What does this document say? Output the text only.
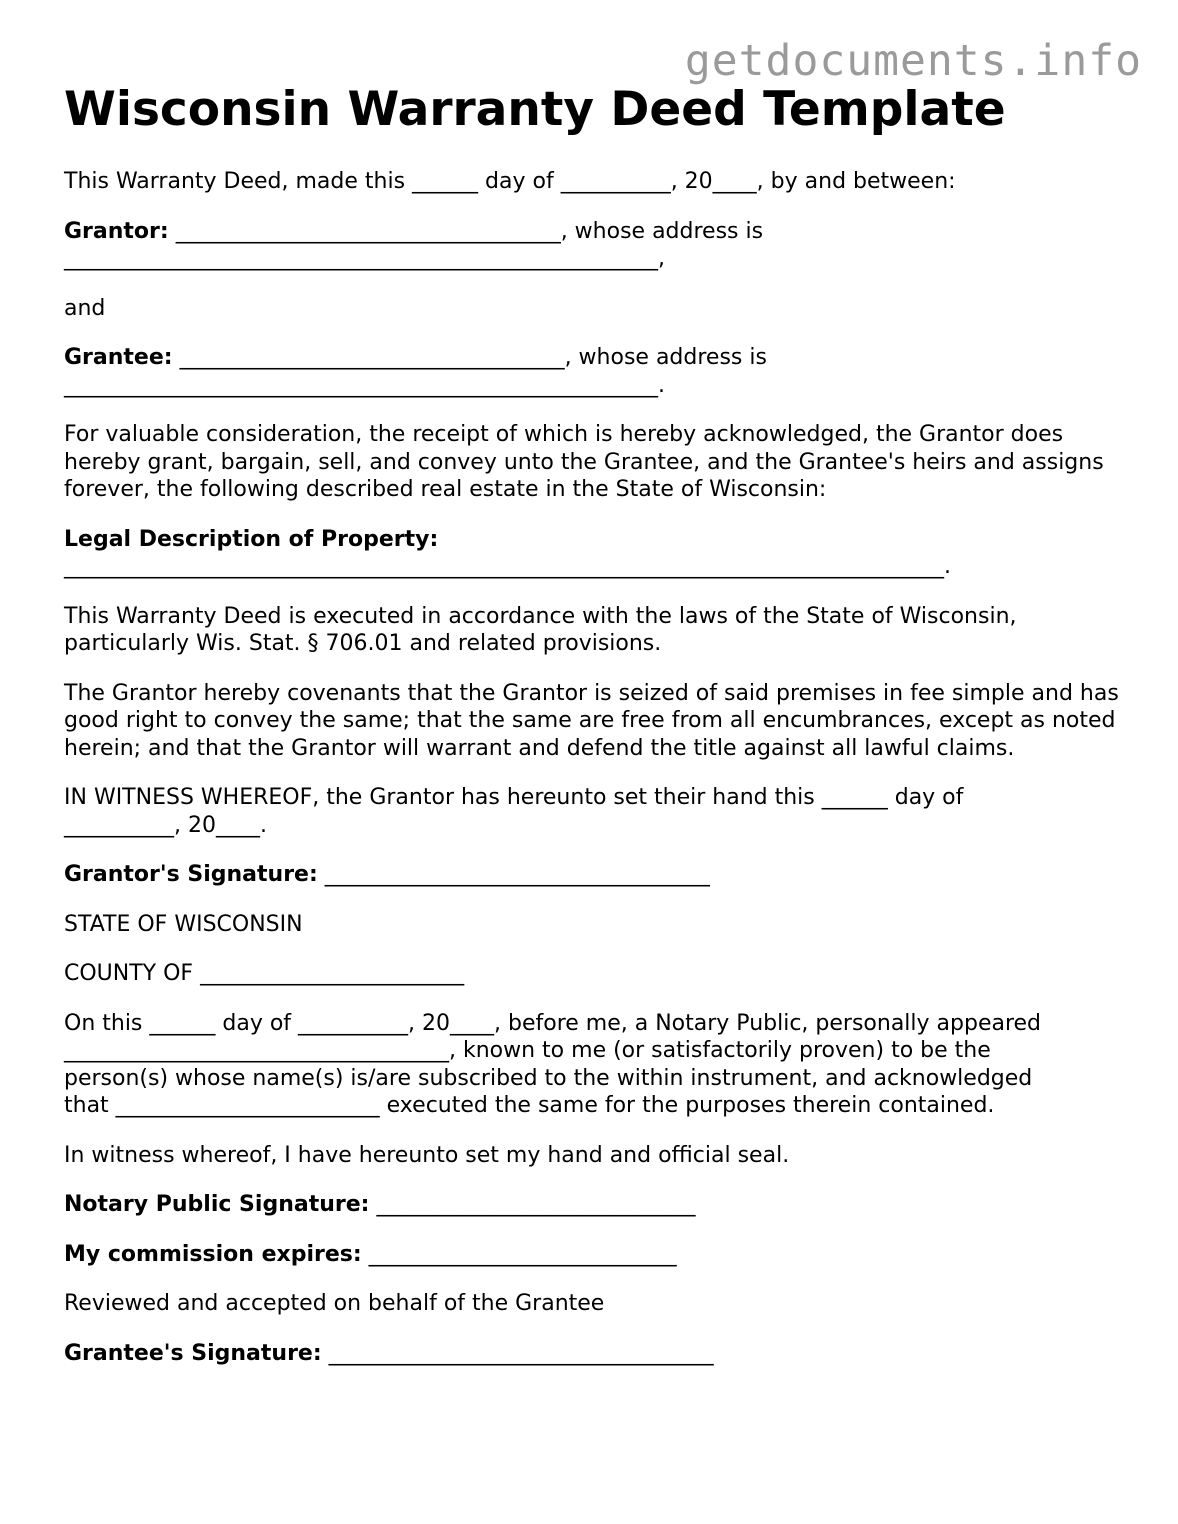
getdocuments.info
Wisconsin Warranty Deed Template

This Warranty Deed, made this ______ day of __________, 20____, by and between:

Grantor: ___________________________________, whose address is
______________________________________________________,

and

Grantee: ___________________________________, whose address is
______________________________________________________.

For valuable consideration, the receipt of which is hereby acknowledged, the Grantor does hereby grant, bargain, sell, and convey unto the Grantee, and the Grantee's heirs and assigns forever, the following described real estate in the State of Wisconsin:

Legal Description of Property:
________________________________________________________________________________.

This Warranty Deed is executed in accordance with the laws of the State of Wisconsin, particularly Wis. Stat. § 706.01 and related provisions.

The Grantor hereby covenants that the Grantor is seized of said premises in fee simple and has good right to convey the same; that the same are free from all encumbrances, except as noted herein; and that the Grantor will warrant and defend the title against all lawful claims.

IN WITNESS WHEREOF, the Grantor has hereunto set their hand this ______ day of
__________, 20____.

Grantor's Signature: ___________________________________

STATE OF WISCONSIN

COUNTY OF ________________________

On this ______ day of __________, 20____, before me, a Notary Public, personally appeared
___________________________________, known to me (or satisfactorily proven) to be the
person(s) whose name(s) is/are subscribed to the within instrument, and acknowledged
that ________________________ executed the same for the purposes therein contained.

In witness whereof, I have hereunto set my hand and official seal.

Notary Public Signature: _____________________________

My commission expires: ____________________________

Reviewed and accepted on behalf of the Grantee

Grantee's Signature: ___________________________________
